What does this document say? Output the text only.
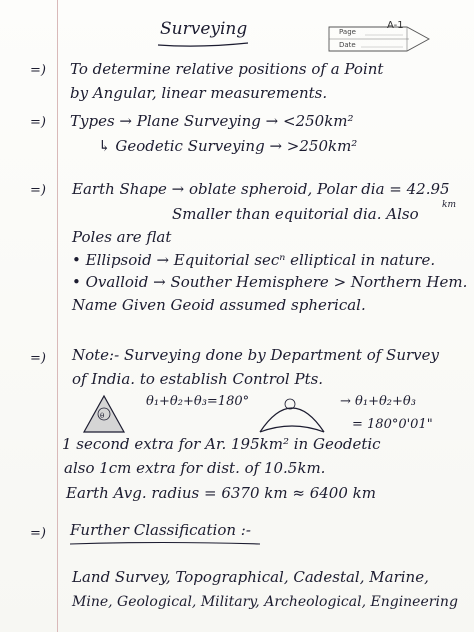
Surveying	A-1
Page
Date
=) To determine relative positions of a Point
by Angular, linear measurements.
=) Types → Plane Surveying → <250km²
↳ Geodetic Surveying → >250km²
=) Earth Shape → oblate spheroid, Polar dia = 42.95
km
Smaller than equitorial dia. Also
Poles are flat
• Ellipsoid → Equitorial secⁿ elliptical in nature.
• Ovalloid → Souther Hemisphere > Northern Hem.
Name Given Geoid assumed spherical.
=) Note:- Surveying done by Department of Survey
of India. to establish Control Pts.
θ
θ₁+θ₂+θ₃=180°	→ θ₁+θ₂+θ₃
= 180°0'01"
1 second extra for Ar. 195km² in Geodetic
also 1cm extra for dist. of 10.5km.
Earth Avg. radius = 6370 km ≈ 6400 km
=) Further Classification :-
Land Survey, Topographical, Cadestal, Marine,
Mine, Geological, Military, Archeological, Engineering
